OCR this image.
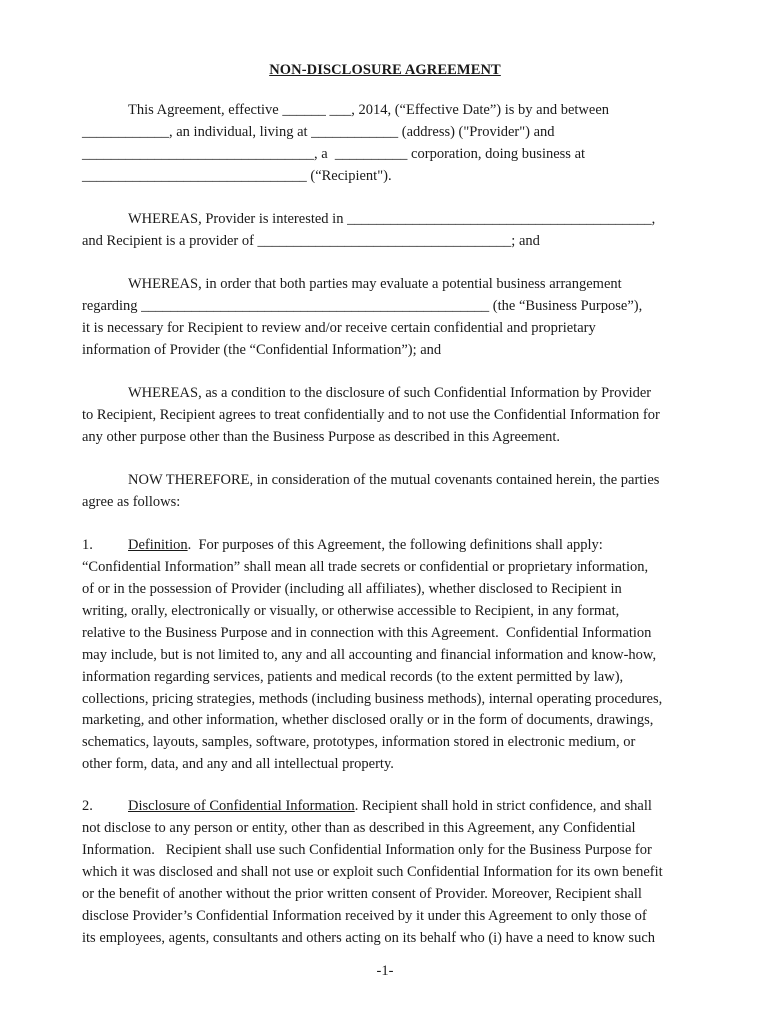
NON-DISCLOSURE AGREEMENT
This Agreement, effective ______ ___, 2014, (“Effective Date”) is by and between
____________, an individual, living at ____________ (address) ("Provider") and
________________________________, a  __________ corporation, doing business at
_______________________________ (“Recipient").
WHEREAS, Provider is interested in __________________________________________,
and Recipient is a provider of ___________________________________; and
WHEREAS, in order that both parties may evaluate a potential business arrangement
regarding ________________________________________________ (the “Business Purpose”),
it is necessary for Recipient to review and/or receive certain confidential and proprietary
information of Provider (the “Confidential Information”); and
WHEREAS, as a condition to the disclosure of such Confidential Information by Provider
to Recipient, Recipient agrees to treat confidentially and to not use the Confidential Information for
any other purpose other than the Business Purpose as described in this Agreement.
NOW THEREFORE, in consideration of the mutual covenants contained herein, the parties
agree as follows:
1. Definition.  For purposes of this Agreement, the following definitions shall apply:
“Confidential Information” shall mean all trade secrets or confidential or proprietary information,
of or in the possession of Provider (including all affiliates), whether disclosed to Recipient in
writing, orally, electronically or visually, or otherwise accessible to Recipient, in any format,
relative to the Business Purpose and in connection with this Agreement.  Confidential Information
may include, but is not limited to, any and all accounting and financial information and know-how,
information regarding services, patients and medical records (to the extent permitted by law),
collections, pricing strategies, methods (including business methods), internal operating procedures,
marketing, and other information, whether disclosed orally or in the form of documents, drawings,
schematics, layouts, samples, software, prototypes, information stored in electronic medium, or
other form, data, and any and all intellectual property.
2. Disclosure of Confidential Information. Recipient shall hold in strict confidence, and shall
not disclose to any person or entity, other than as described in this Agreement, any Confidential
Information.   Recipient shall use such Confidential Information only for the Business Purpose for
which it was disclosed and shall not use or exploit such Confidential Information for its own benefit
or the benefit of another without the prior written consent of Provider. Moreover, Recipient shall
disclose Provider’s Confidential Information received by it under this Agreement to only those of
its employees, agents, consultants and others acting on its behalf who (i) have a need to know such
-1-
